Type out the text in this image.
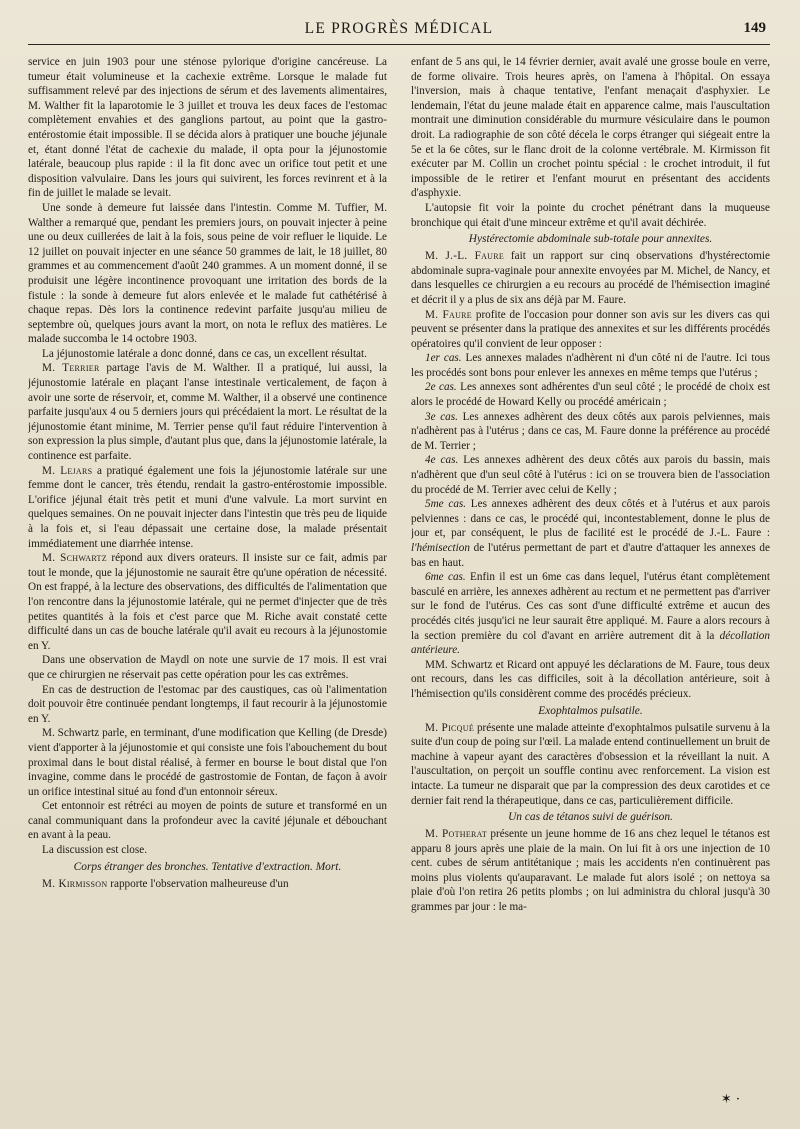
LE PROGRÈS MÉDICAL	149

service en juin 1903 pour une sténose pylorique d'origine cancéreuse. La tumeur était volumineuse et la cachexie extrême. Lorsque le malade fut suffisamment relevé par des injections de sérum et des lavements alimentaires, M. Walther fit la laparotomie le 3 juillet et trouva les deux faces de l'estomac complètement envahies et des ganglions partout, au point que la gastro-entérostomie était impossible. Il se décida alors à pratiquer une bouche jéjunale et, étant donné l'état de cachexie du malade, il opta pour la jéjunostomie latérale, beaucoup plus rapide : il la fit donc avec un orifice tout petit et une disposition valvulaire. Dans les jours qui suivirent, les forces revinrent et à la fin de juillet le malade se levait.

Une sonde à demeure fut laissée dans l'intestin. Comme M. Tuffier, M. Walther a remarqué que, pendant les premiers jours, on pouvait injecter à peine une ou deux cuillerées de lait à la fois, sous peine de voir refluer le liquide. Le 12 juillet on pouvait injecter en une séance 50 grammes de lait, le 18 juillet, 80 grammes et au commencement d'août 240 grammes. A un moment donné, il se produisit une légère incontinence provoquant une irritation des bords de la fistule : la sonde à demeure fut alors enlevée et le malade fut cathétérisé à chaque repas. Dès lors la continence redevint parfaite jusqu'au milieu de septembre où, quelques jours avant la mort, on nota le reflux des matières. Le malade succomba le 14 octobre 1903.

La jéjunostomie latérale a donc donné, dans ce cas, un excellent résultat.

M. Terrier partage l'avis de M. Walther. Il a pratiqué, lui aussi, la jéjunostomie latérale en plaçant l'anse intestinale verticalement, de façon à avoir une sorte de réservoir, et, comme M. Walther, il a observé une continence parfaite jusqu'aux 4 ou 5 derniers jours qui précédaient la mort. Le résultat de la jéjunostomie étant minime, M. Terrier pense qu'il faut réduire l'intervention à son expression la plus simple, d'autant plus que, dans la jéjunostomie latérale, la continence est parfaite.

M. Lejars a pratiqué également une fois la jéjunostomie latérale sur une femme dont le cancer, très étendu, rendait la gastro-entérostomie impossible. L'orifice jéjunal était très petit et muni d'une valvule. La mort survint en quelques semaines. On ne pouvait injecter dans l'intestin que très peu de liquide à la fois et, si l'eau dépassait une certaine dose, la malade présentait immédiatement une diarrhée intense.

M. Schwartz répond aux divers orateurs. Il insiste sur ce fait, admis par tout le monde, que la jéjunostomie ne saurait être qu'une opération de nécessité. On est frappé, à la lecture des observations, des difficultés de l'alimentation que l'on rencontre dans la jéjunostomie latérale, qui ne permet d'injecter que de très petites quantités à la fois et c'est parce que M. Riche avait constaté cette difficulté dans un cas de bouche latérale qu'il avait eu recours à la jéjunostomie en Y.

Dans une observation de Maydl on note une survie de 17 mois. Il est vrai que ce chirurgien ne réservait pas cette opération pour les cas extrêmes.

En cas de destruction de l'estomac par des caustiques, cas où l'alimentation doit pouvoir être continuée pendant longtemps, il faut recourir à la jéjunostomie en Y.

M. Schwartz parle, en terminant, d'une modification que Kelling (de Dresde) vient d'apporter à la jéjunostomie et qui consiste une fois l'abouchement du bout proximal dans le bout distal réalisé, à fermer en bourse le bout distal que l'on invagine, comme dans le procédé de gastrostomie de Fontan, de façon à avoir un orifice intestinal situé au fond d'un entonnoir séreux.

Cet entonnoir est rétréci au moyen de points de suture et transformé en un canal communiquant dans la profondeur avec la cavité jéjunale et débouchant en avant à la peau.

La discussion est close.

Corps étranger des bronches. Tentative d'extraction. Mort.

M. Kirmisson rapporte l'observation malheureuse d'un

enfant de 5 ans qui, le 14 février dernier, avait avalé une grosse boule en verre, de forme olivaire. Trois heures après, on l'amena à l'hôpital. On essaya l'inversion, mais à chaque tentative, l'enfant menaçait d'asphyxier. Le lendemain, l'état du jeune malade était en apparence calme, mais l'auscultation montrait une diminution considérable du murmure vésiculaire dans le poumon droit. La radiographie de son côté décela le corps étranger qui siégeait entre la 5e et la 6e côtes, sur le flanc droit de la colonne vertébrale. M. Kirmisson fit exécuter par M. Collin un crochet pointu spécial : le crochet introduit, il fut impossible de le retirer et l'enfant mourut en présentant des accidents d'asphyxie.

L'autopsie fit voir la pointe du crochet pénétrant dans la muqueuse bronchique qui était d'une minceur extrême et qu'il avait déchirée.

Hystérectomie abdominale sub-totale pour annexites.

M. J.-L. Faure fait un rapport sur cinq observations d'hystérectomie abdominale supra-vaginale pour annexite envoyées par M. Michel, de Nancy, et dans lesquelles ce chirurgien a eu recours au procédé de l'hémisection imaginé et décrit il y a plus de six ans déjà par M. Faure.

M. Faure profite de l'occasion pour donner son avis sur les divers cas qui peuvent se présenter dans la pratique des annexites et sur les différents procédés opératoires qu'il convient de leur opposer :

1er cas. Les annexes malades n'adhèrent ni d'un côté ni de l'autre. Ici tous les procédés sont bons pour enlever les annexes en même temps que l'utérus ;

2e cas. Les annexes sont adhérentes d'un seul côté ; le procédé de choix est alors le procédé de Howard Kelly ou procédé américain ;

3e cas. Les annexes adhèrent des deux côtés aux parois pelviennes, mais n'adhèrent pas à l'utérus ; dans ce cas, M. Faure donne la préférence au procédé de M. Terrier ;

4e cas. Les annexes adhèrent des deux côtés aux parois du bassin, mais n'adhèrent que d'un seul côté à l'utérus : ici on se trouvera bien de l'association du procédé de M. Terrier avec celui de Kelly ;

5me cas. Les annexes adhèrent des deux côtés et à l'utérus et aux parois pelviennes : dans ce cas, le procédé qui, incontestablement, donne le plus de jour et, par conséquent, le plus de facilité est le procédé de J.-L. Faure : l'hémisection de l'utérus permettant de part et d'autre d'attaquer les annexes de bas en haut.

6me cas. Enfin il est un 6me cas dans lequel, l'utérus étant complètement basculé en arrière, les annexes adhèrent au rectum et ne permettent pas d'arriver sur le fond de l'utérus. Ces cas sont d'une difficulté extrême et aucun des procédés cités jusqu'ici ne leur saurait être appliqué. M. Faure a alors recours à la section première du col d'avant en arrière autrement dit à la décollation antérieure.

MM. Schwartz et Ricard ont appuyé les déclarations de M. Faure, tous deux ont recours, dans les cas difficiles, soit à la décollation antérieure, soit à l'hémisection qu'ils considèrent comme des procédés précieux.

Exophtalmos pulsatile.

M. Picqué présente une malade atteinte d'exophtalmos pulsatile survenu à la suite d'un coup de poing sur l'œil. La malade entend continuellement un bruit de machine à vapeur ayant des caractères d'obsession et la réveillant la nuit. A l'auscultation, on perçoit un souffle continu avec renforcement. La vision est intacte. La tumeur ne disparait que par la compression des deux carotides et ce dernier fait rend la thérapeutique, dans ce cas, particulièrement difficile.

Un cas de tétanos suivi de guérison.

M. Potherat présente un jeune homme de 16 ans chez lequel le tétanos est apparu 8 jours après une plaie de la main. On lui fit à ors une injection de 10 cent. cubes de sérum antitétanique ; mais les accidents n'en continuèrent pas moins plus violents qu'auparavant. Le malade fut alors isolé ; on nettoya sa plaie d'où l'on retira 26 petits plombs ; on lui administra du chloral jusqu'à 30 grammes par jour : le ma-

✶ ·
